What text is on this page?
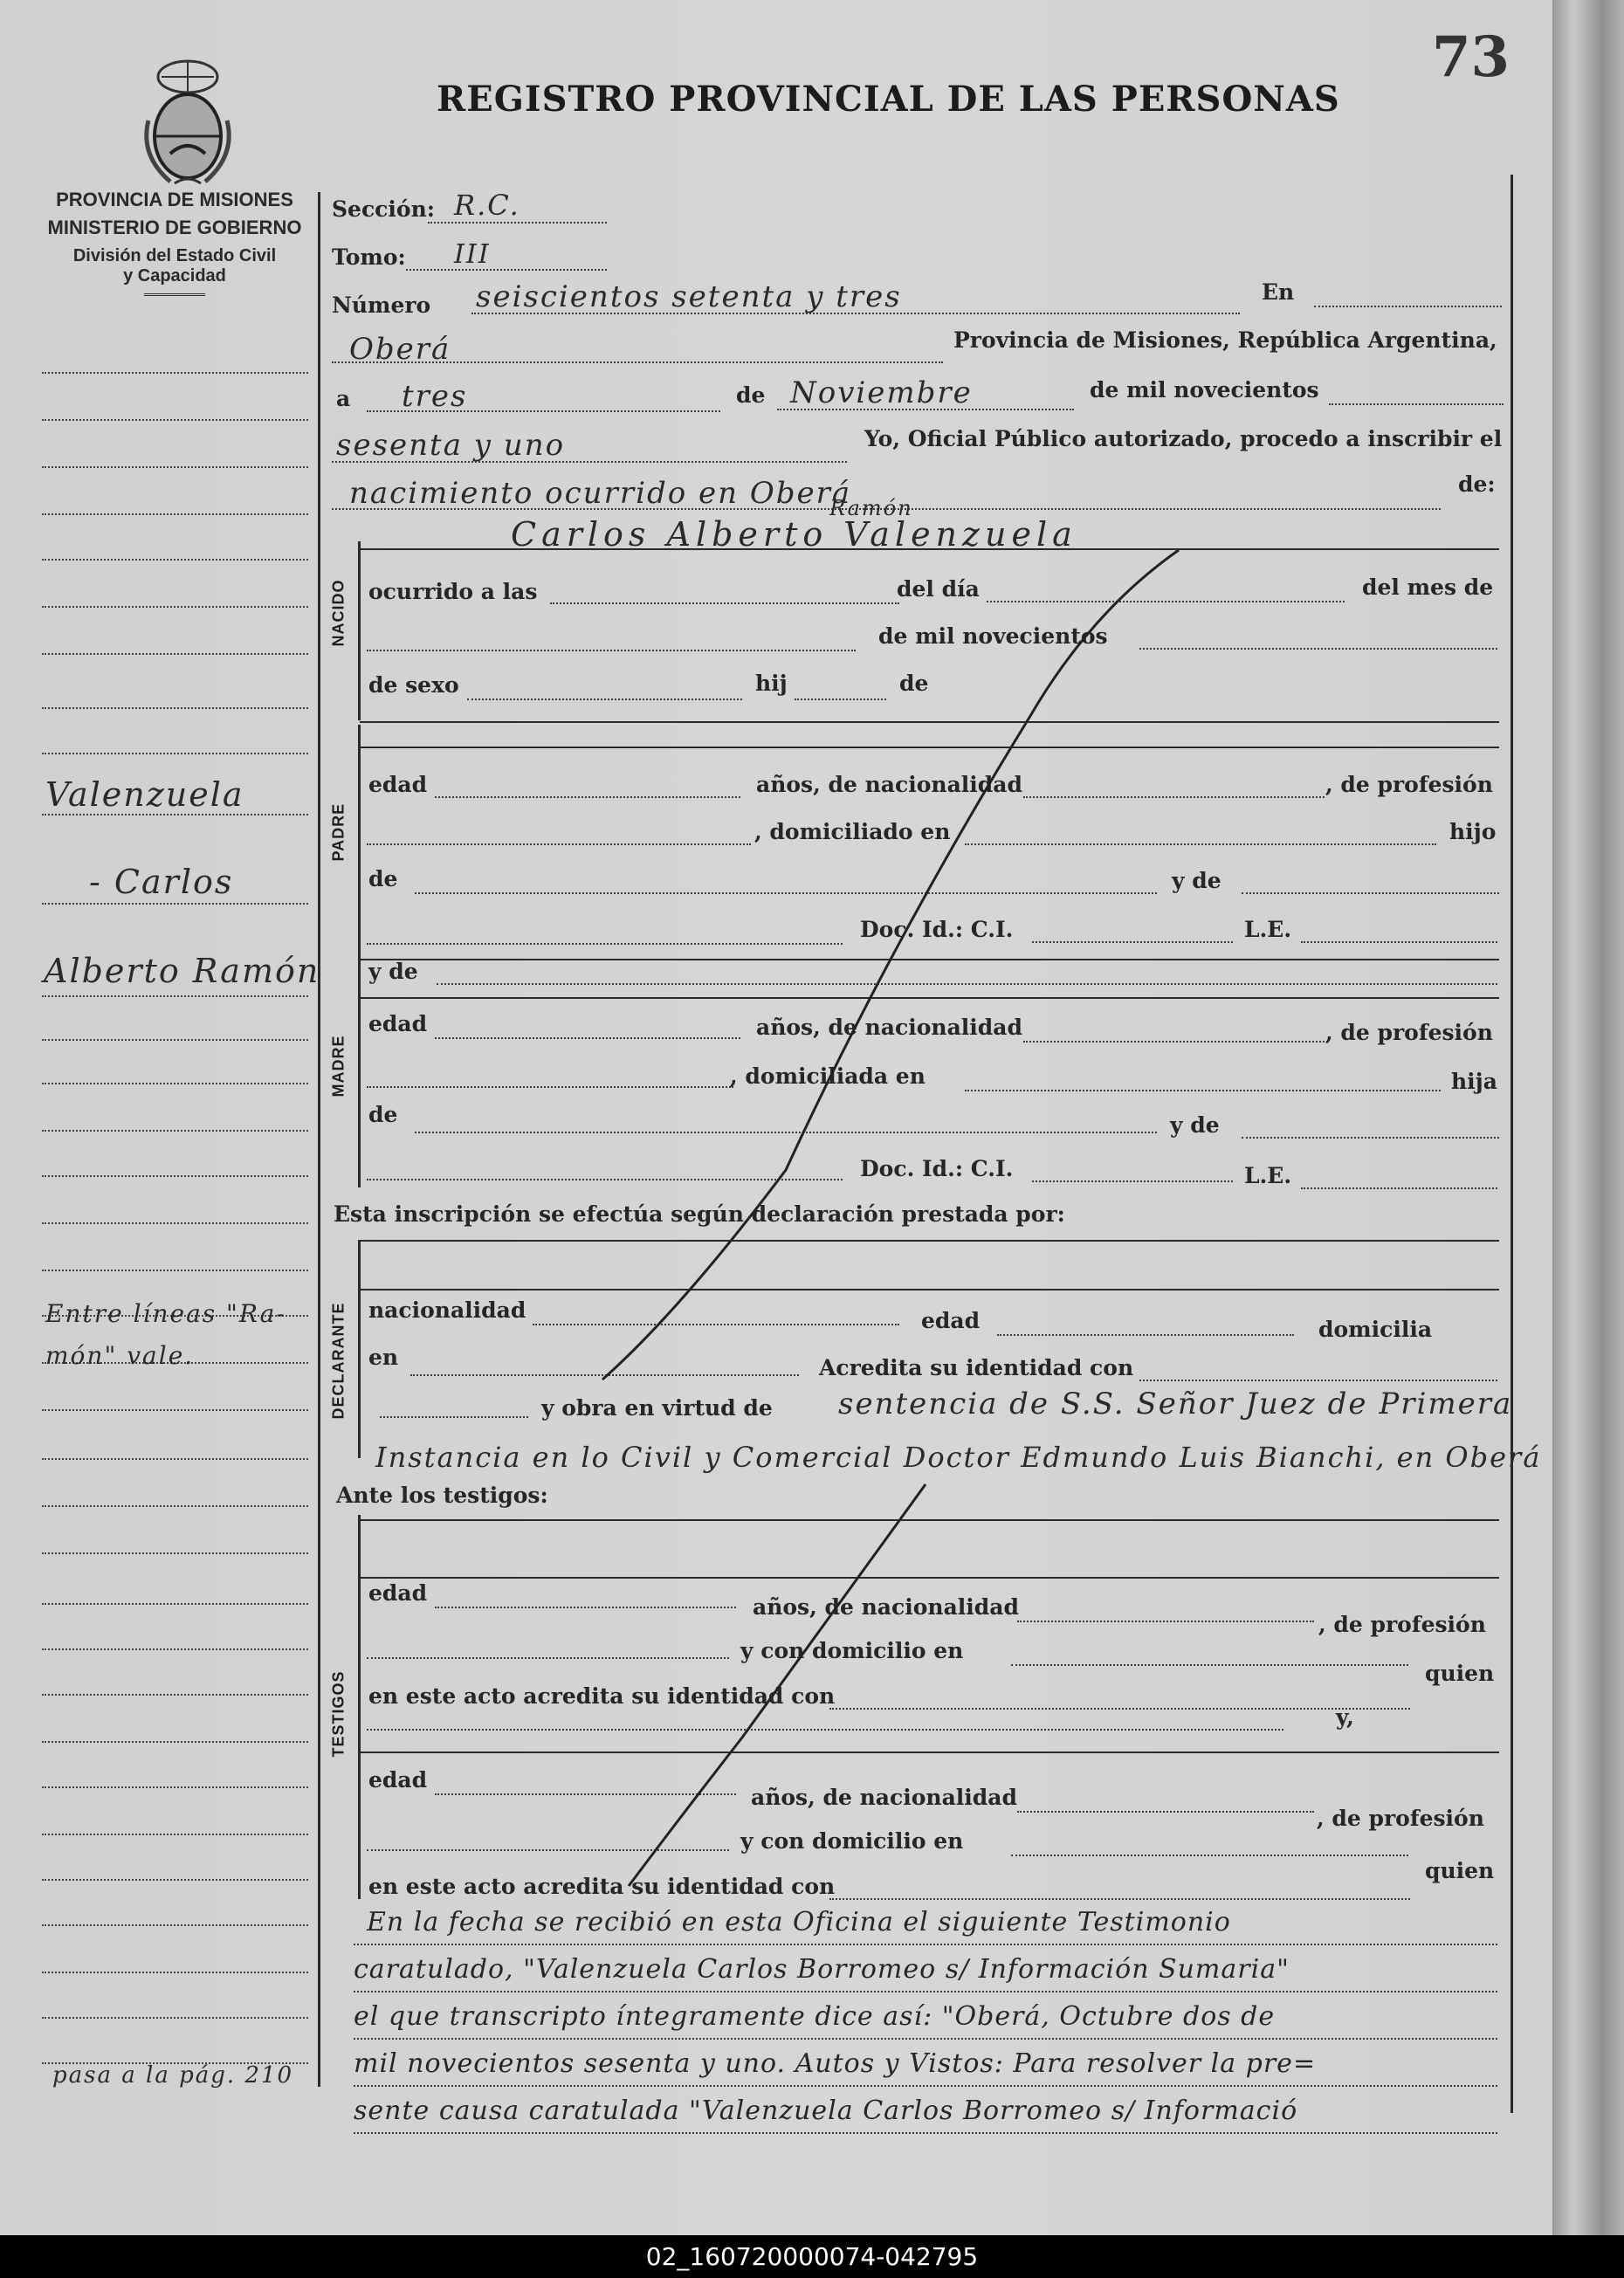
73
REGISTRO PROVINCIAL DE LAS PERSONAS
PROVINCIA DE MISIONES
MINISTERIO DE GOBIERNO
División del Estado Civil
y Capacidad
Valenzuela
- Carlos
Alberto Ramón
Entre líneas "Ra-
món" vale.
pasa a la pág. 210
Sección: R.C.
Tomo: III
Número seiscientos setenta y tres	En
Oberá	Provincia de Misiones, República Argentina,
a tres	de Noviembre	de mil novecientos
sesenta y uno	Yo, Oficial Público autorizado, procedo a inscribir el
nacimiento ocurrido en Oberá	de:
Ramón
Carlos Alberto Valenzuela
NACIDO ocurrido a las	del día	del mes de
de mil novecientos
de sexo	hij	de
PADRE
edad	años, de nacionalidad	, de profesión
, domiciliado en	hijo
de	y de
Doc. Id.: C.I.	L.E.
MADRE
y de
edad	años, de nacionalidad	, de profesión
, domiciliada en	hija
de	y de
Doc. Id.: C.I.	L.E.
Esta inscripción se efectúa según declaración prestada por:
DECLARANTE nacionalidad	edad	domicilia
en	Acredita su identidad con
y obra en virtud de sentencia de S.S. Señor Juez de Primera
Instancia en lo Civil y Comercial Doctor Edmundo Luis Bianchi, en Oberá
Ante los testigos:
TESTIGOS
edad
años, de nacionalidad
, de profesión
y con domicilio en
quien
en este acto acredita su identidad con
y,
edad
años, de nacionalidad
, de profesión
y con domicilio en
quien
en este acto acredita su identidad con
En la fecha se recibió en esta Oficina el siguiente Testimonio
caratulado, "Valenzuela Carlos Borromeo s/ Información Sumaria"
el que transcripto íntegramente dice así: "Oberá, Octubre dos de
mil novecientos sesenta y uno. Autos y Vistos: Para resolver la pre=
sente causa caratulada "Valenzuela Carlos Borromeo s/ Informació
02_160720000074-042795
